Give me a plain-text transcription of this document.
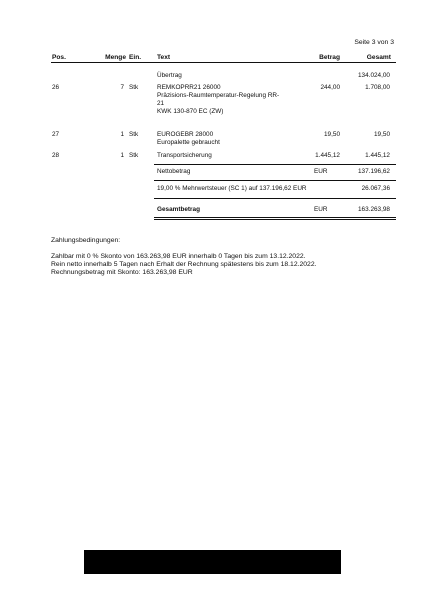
Seite 3 von 3
Pos.	Menge Ein. Text	Betrag	Gesamt
Übertrag	134.024,00
26	7 Stk	REMKOPRR21 26000
Präzisions-Raumtemperatur-Regelung RR-
21
KWK 130-870 EC (ZW)
244,00	1.708,00
27	1 Stk	EUROGEBR 28000
Europalette gebraucht
19,50	19,50
28	1 Stk	Transportsicherung	1.445,12	1.445,12
Nettobetrag	EUR	137.196,62
19,00 % Mehrwertsteuer (SC 1) auf 137.196,62 EUR	26.067,36
Gesamtbetrag	EUR	163.263,98
Zahlungsbedingungen:
Zahlbar mit 0 % Skonto von 163.263,98 EUR innerhalb 0 Tagen bis zum 13.12.2022.
Rein netto innerhalb 5 Tagen nach Erhalt der Rechnung spätestens bis zum 18.12.2022.
Rechnungsbetrag mit Skonto: 163.263,98 EUR
